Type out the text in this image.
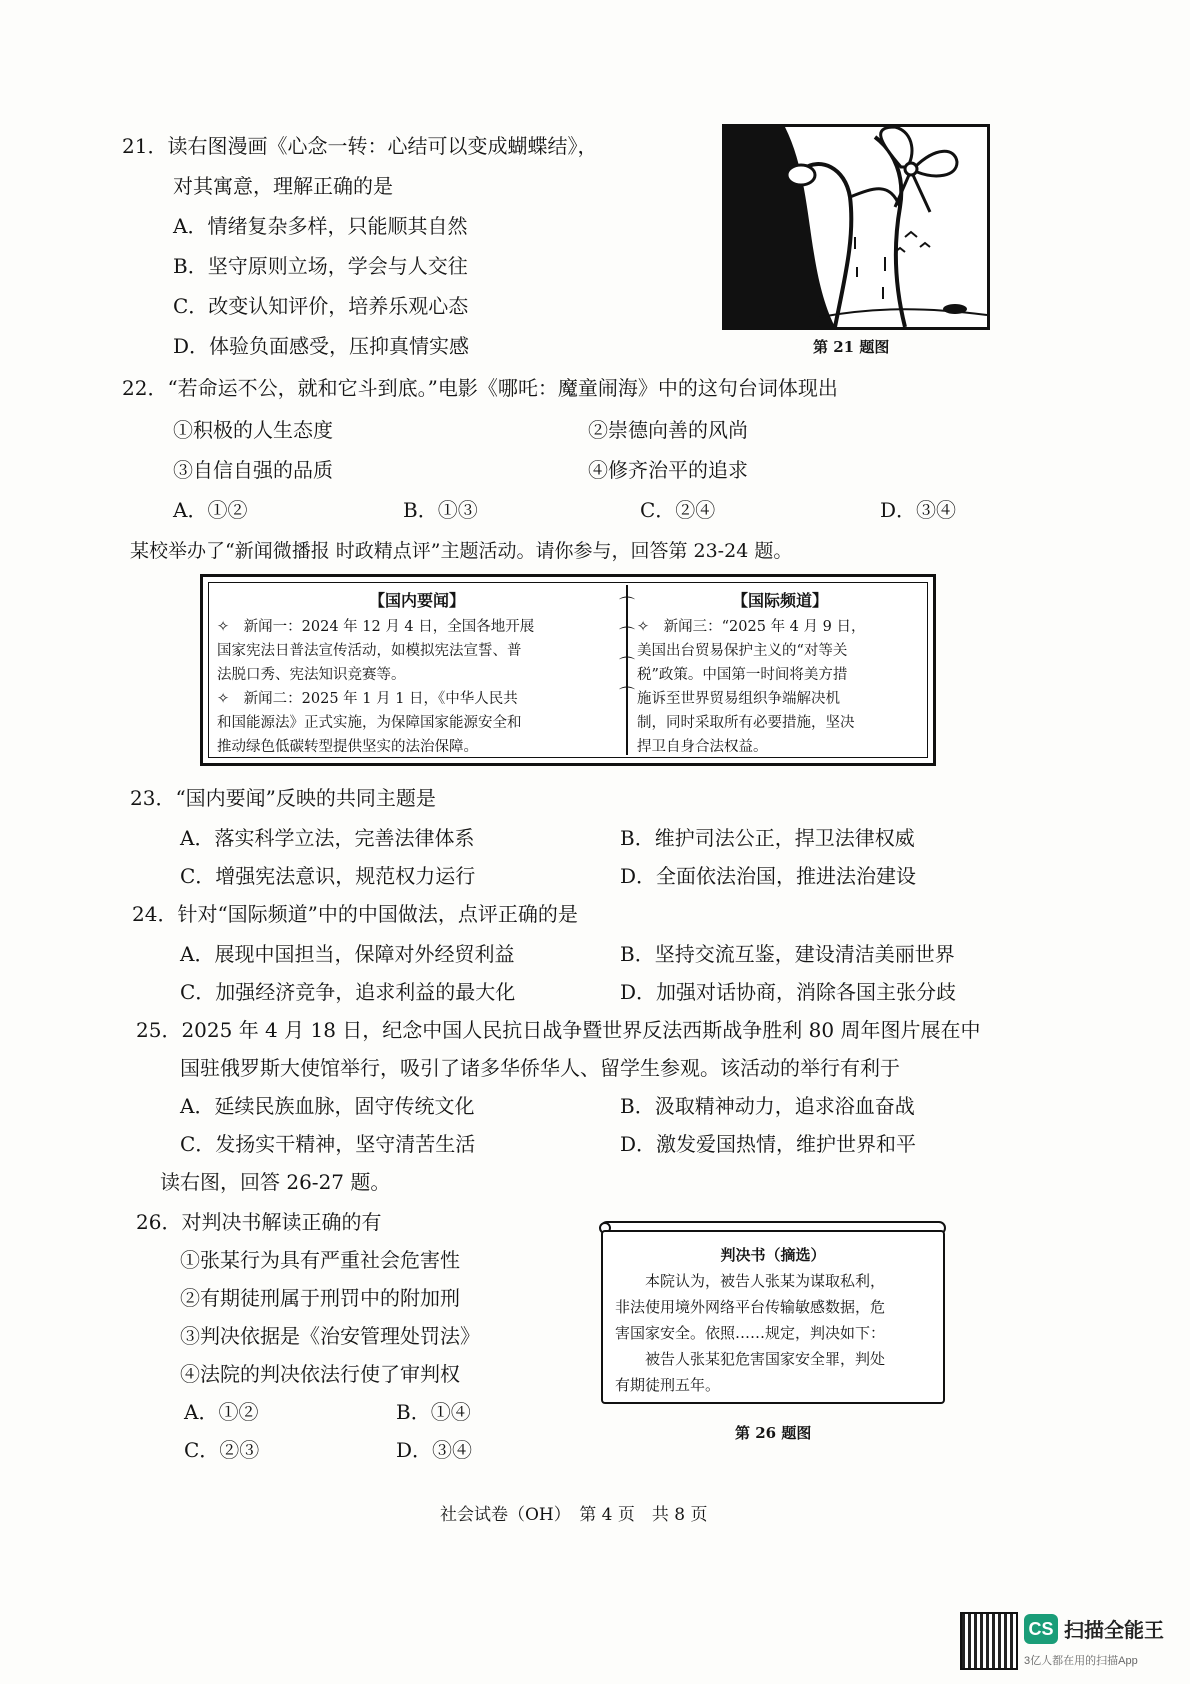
21．读右图漫画《心念一转：心结可以变成蝴蝶结》，
对其寓意，理解正确的是
A．情绪复杂多样，只能顺其自然
B．坚守原则立场，学会与人交往
C．改变认知评价，培养乐观心态
D．体验负面感受，压抑真情实感	第 21 题图
22．“若命运不公，就和它斗到底。”电影《哪吒：魔童闹海》中的这句台词体现出
①积极的人生态度	②崇德向善的风尚
③自信自强的品质	④修齐治平的追求
A．①②	B．①③	C．②④	D．③④
某校举办了“新闻微播报 时政精点评”主题活动。请你参与，回答第 23-24 题。
【国内要闻】

✧　新闻一：2024 年 12 月 4 日，全国各地开展

国家宪法日普法宣传活动，如模拟宪法宣誓、普

法脱口秀、宪法知识竞赛等。

✧　新闻二：2025 年 1 月 1 日，《中华人民共

和国能源法》正式实施，为保障国家能源安全和

推动绿色低碳转型提供坚实的法治保障。

⌒
⌒
⌒
⌒
【国际频道】

✧　新闻三：“2025 年 4 月 9 日，

美国出台贸易保护主义的“对等关

税”政策。中国第一时间将美方措

施诉至世界贸易组织争端解决机

制，同时采取所有必要措施，坚决

捍卫自身合法权益。

23．“国内要闻”反映的共同主题是
A．落实科学立法，完善法律体系	B．维护司法公正，捍卫法律权威
C．增强宪法意识，规范权力运行	D．全面依法治国，推进法治建设
24．针对“国际频道”中的中国做法，点评正确的是
A．展现中国担当，保障对外经贸利益	B．坚持交流互鉴，建设清洁美丽世界
C．加强经济竞争，追求利益的最大化	D．加强对话协商，消除各国主张分歧
25．2025 年 4 月 18 日，纪念中国人民抗日战争暨世界反法西斯战争胜利 80 周年图片展在中
国驻俄罗斯大使馆举行，吸引了诸多华侨华人、留学生参观。该活动的举行有利于
A．延续民族血脉，固守传统文化	B．汲取精神动力，追求浴血奋战
C．发扬实干精神，坚守清苦生活	D．激发爱国热情，维护世界和平
读右图，回答 26-27 题。
26．对判决书解读正确的有
①张某行为具有严重社会危害性
②有期徒刑属于刑罚中的附加刑
③判决依据是《治安管理处罚法》
④法院的判决依法行使了审判权
A．①②	B．①④
C．②③	D．③④

判决书（摘选）

　　本院认为，被告人张某为谋取私利，

非法使用境外网络平台传输敏感数据，危

害国家安全。依照……规定，判决如下：

　　被告人张某犯危害国家安全罪，判处

有期徒刑五年。

第 26 题图
社会试卷（OH）　第 4 页　共 8 页
CS 扫描全能王
3亿人都在用的扫描App
